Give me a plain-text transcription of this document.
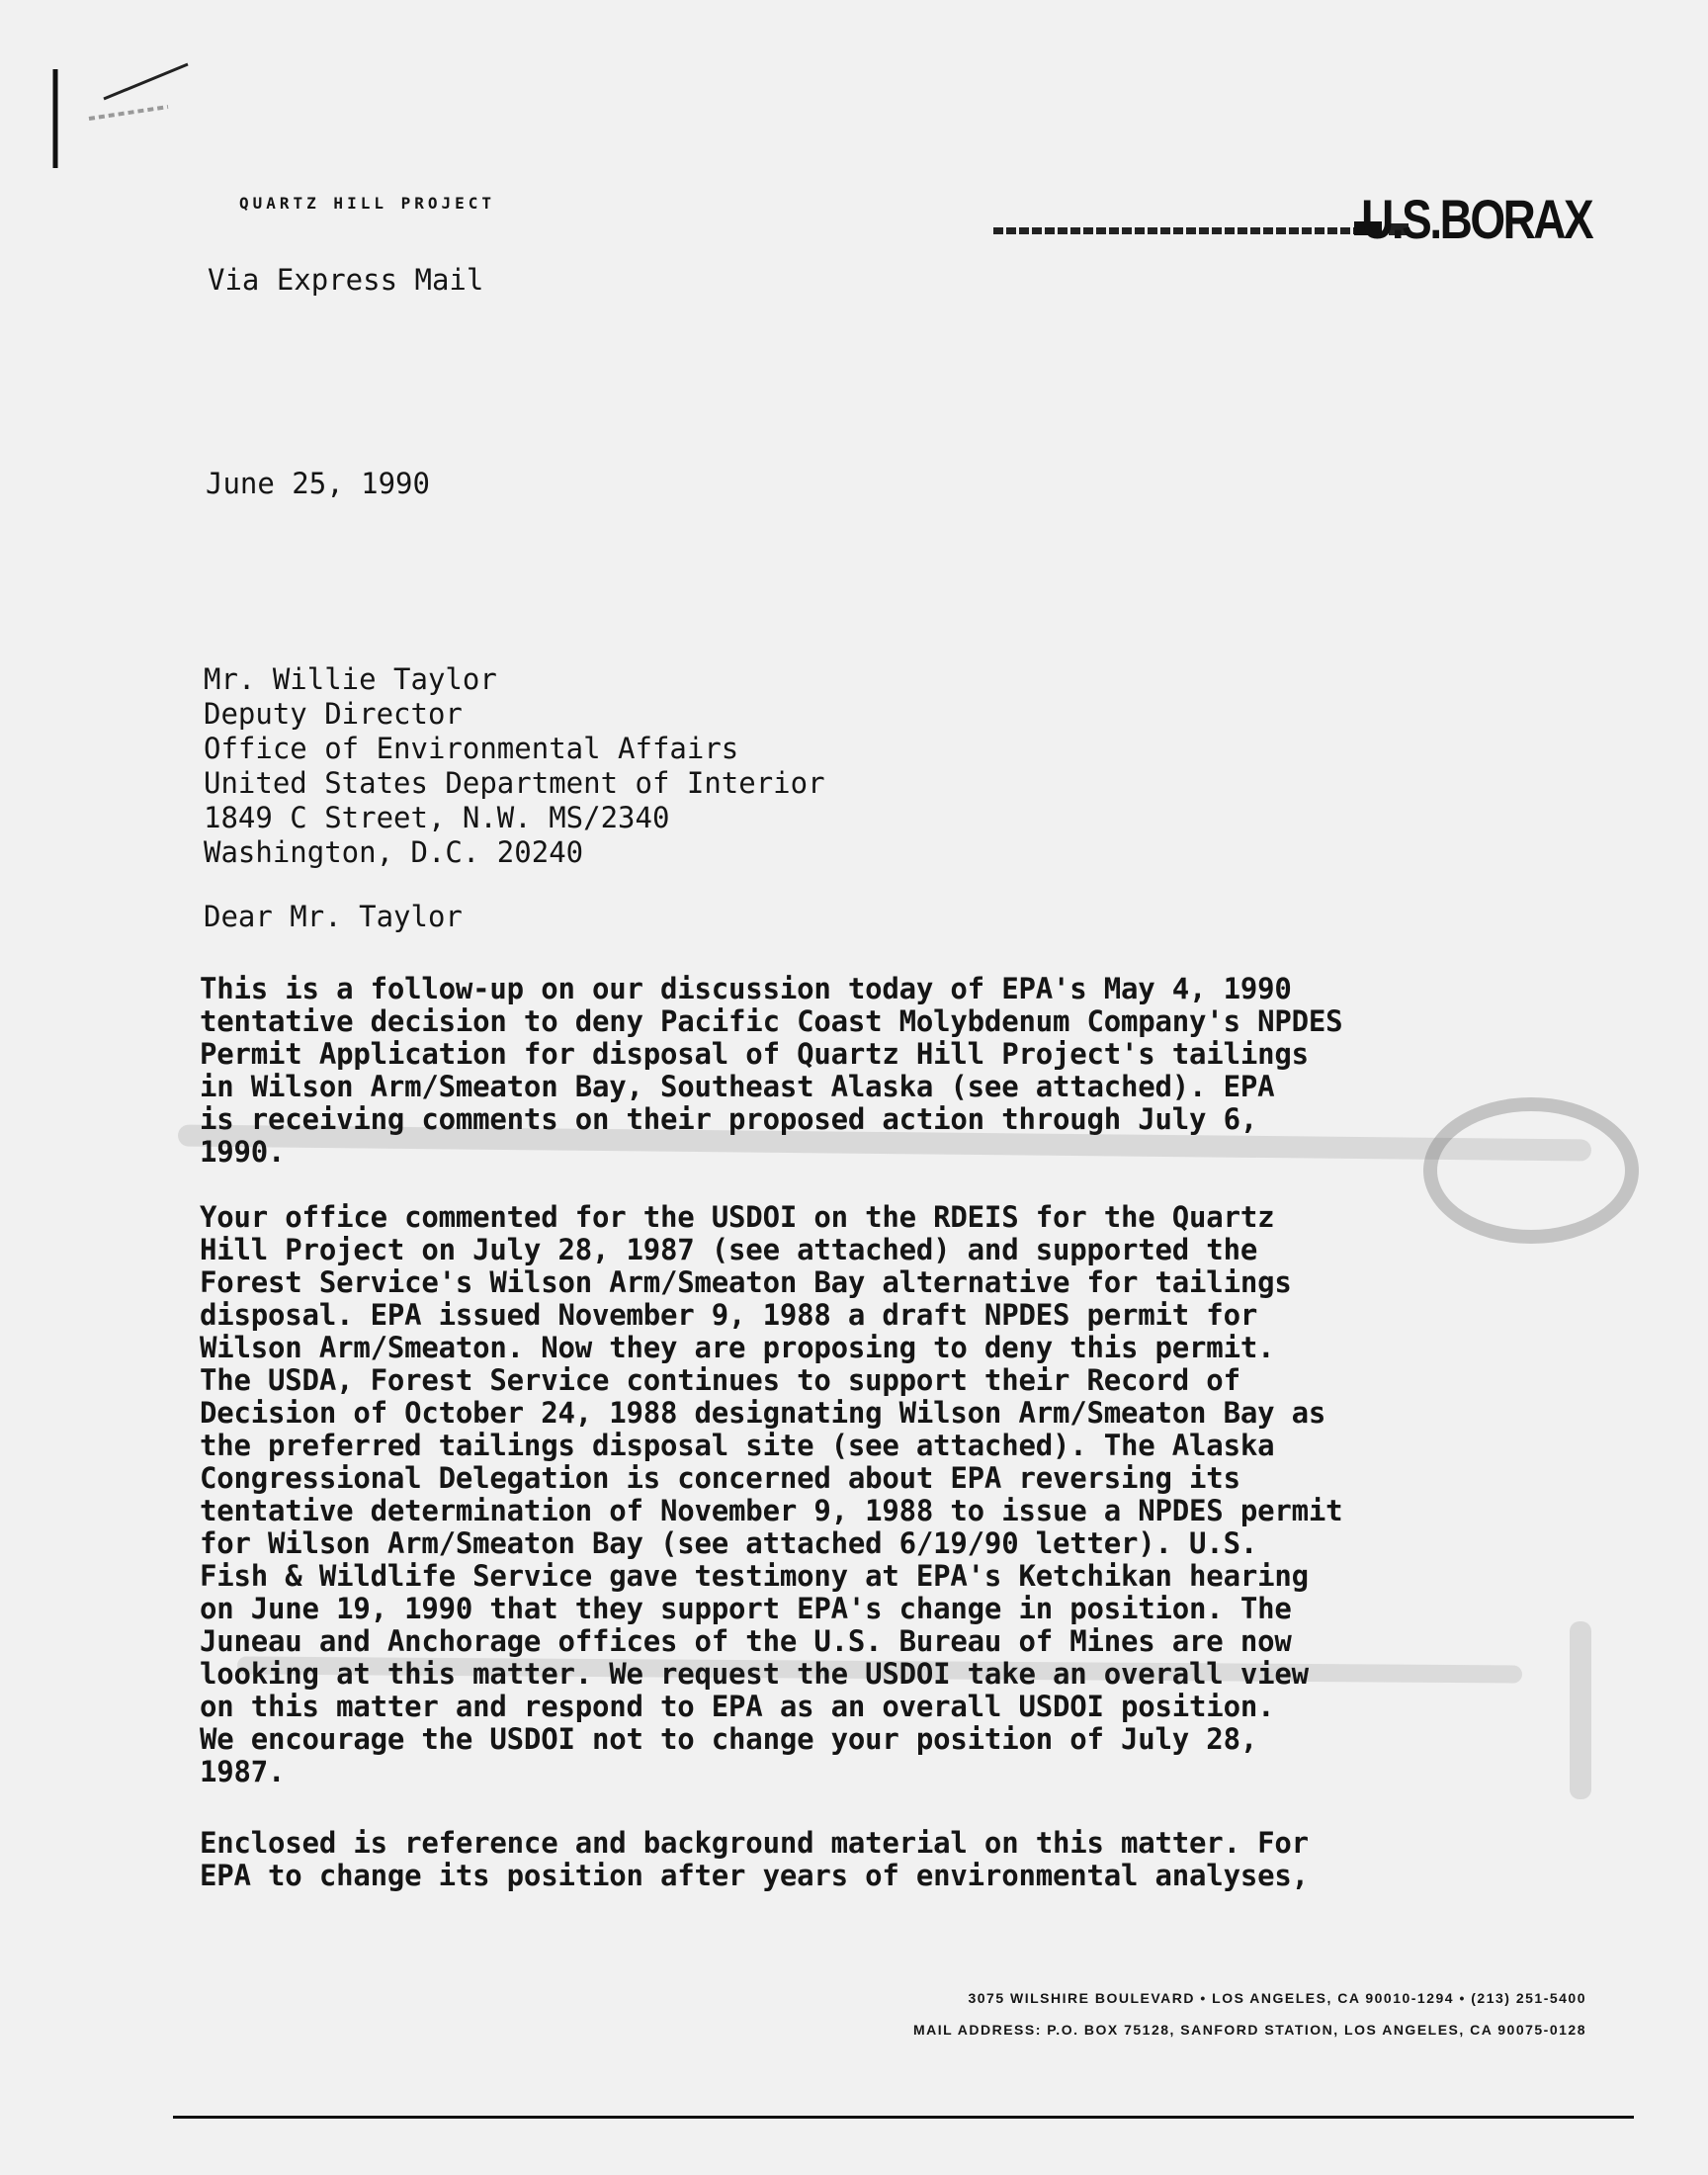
QUARTZ HILL PROJECT	U.S.BORAX
Via Express Mail
June 25, 1990
Mr. Willie Taylor
Deputy Director
Office of Environmental Affairs
United States Department of Interior
1849 C Street, N.W. MS/2340
Washington, D.C. 20240
Dear Mr. Taylor
This is a follow-up on our discussion today of EPA's May 4, 1990
tentative decision to deny Pacific Coast Molybdenum Company's NPDES
Permit Application for disposal of Quartz Hill Project's tailings
in Wilson Arm/Smeaton Bay, Southeast Alaska (see attached). EPA
is receiving comments on their proposed action through July 6,
1990.
Your office commented for the USDOI on the RDEIS for the Quartz
Hill Project on July 28, 1987 (see attached) and supported the
Forest Service's Wilson Arm/Smeaton Bay alternative for tailings
disposal. EPA issued November 9, 1988 a draft NPDES permit for
Wilson Arm/Smeaton. Now they are proposing to deny this permit.
The USDA, Forest Service continues to support their Record of
Decision of October 24, 1988 designating Wilson Arm/Smeaton Bay as
the preferred tailings disposal site (see attached). The Alaska
Congressional Delegation is concerned about EPA reversing its
tentative determination of November 9, 1988 to issue a NPDES permit
for Wilson Arm/Smeaton Bay (see attached 6/19/90 letter). U.S.
Fish & Wildlife Service gave testimony at EPA's Ketchikan hearing
on June 19, 1990 that they support EPA's change in position. The
Juneau and Anchorage offices of the U.S. Bureau of Mines are now
looking at this matter. We request the USDOI take an overall view
on this matter and respond to EPA as an overall USDOI position.
We encourage the USDOI not to change your position of July 28,
1987.
Enclosed is reference and background material on this matter. For
EPA to change its position after years of environmental analyses,
3075 WILSHIRE BOULEVARD • LOS ANGELES, CA 90010-1294 • (213) 251-5400
MAIL ADDRESS: P.O. BOX 75128, SANFORD STATION, LOS ANGELES, CA 90075-0128
